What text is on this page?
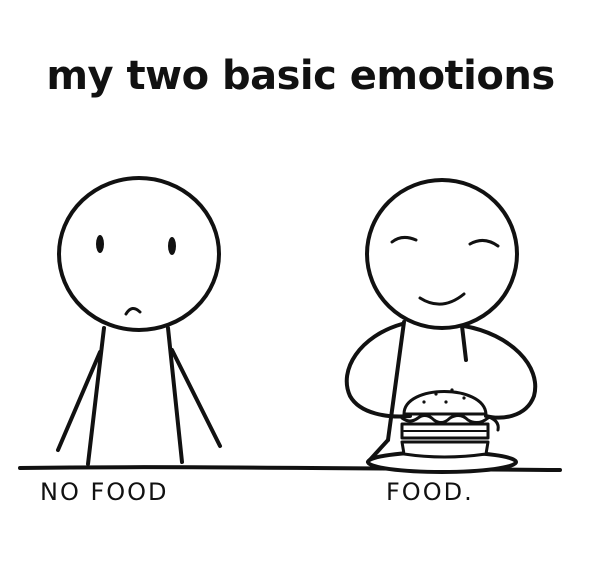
my two basic emotions

NO FOOD	FOOD.
